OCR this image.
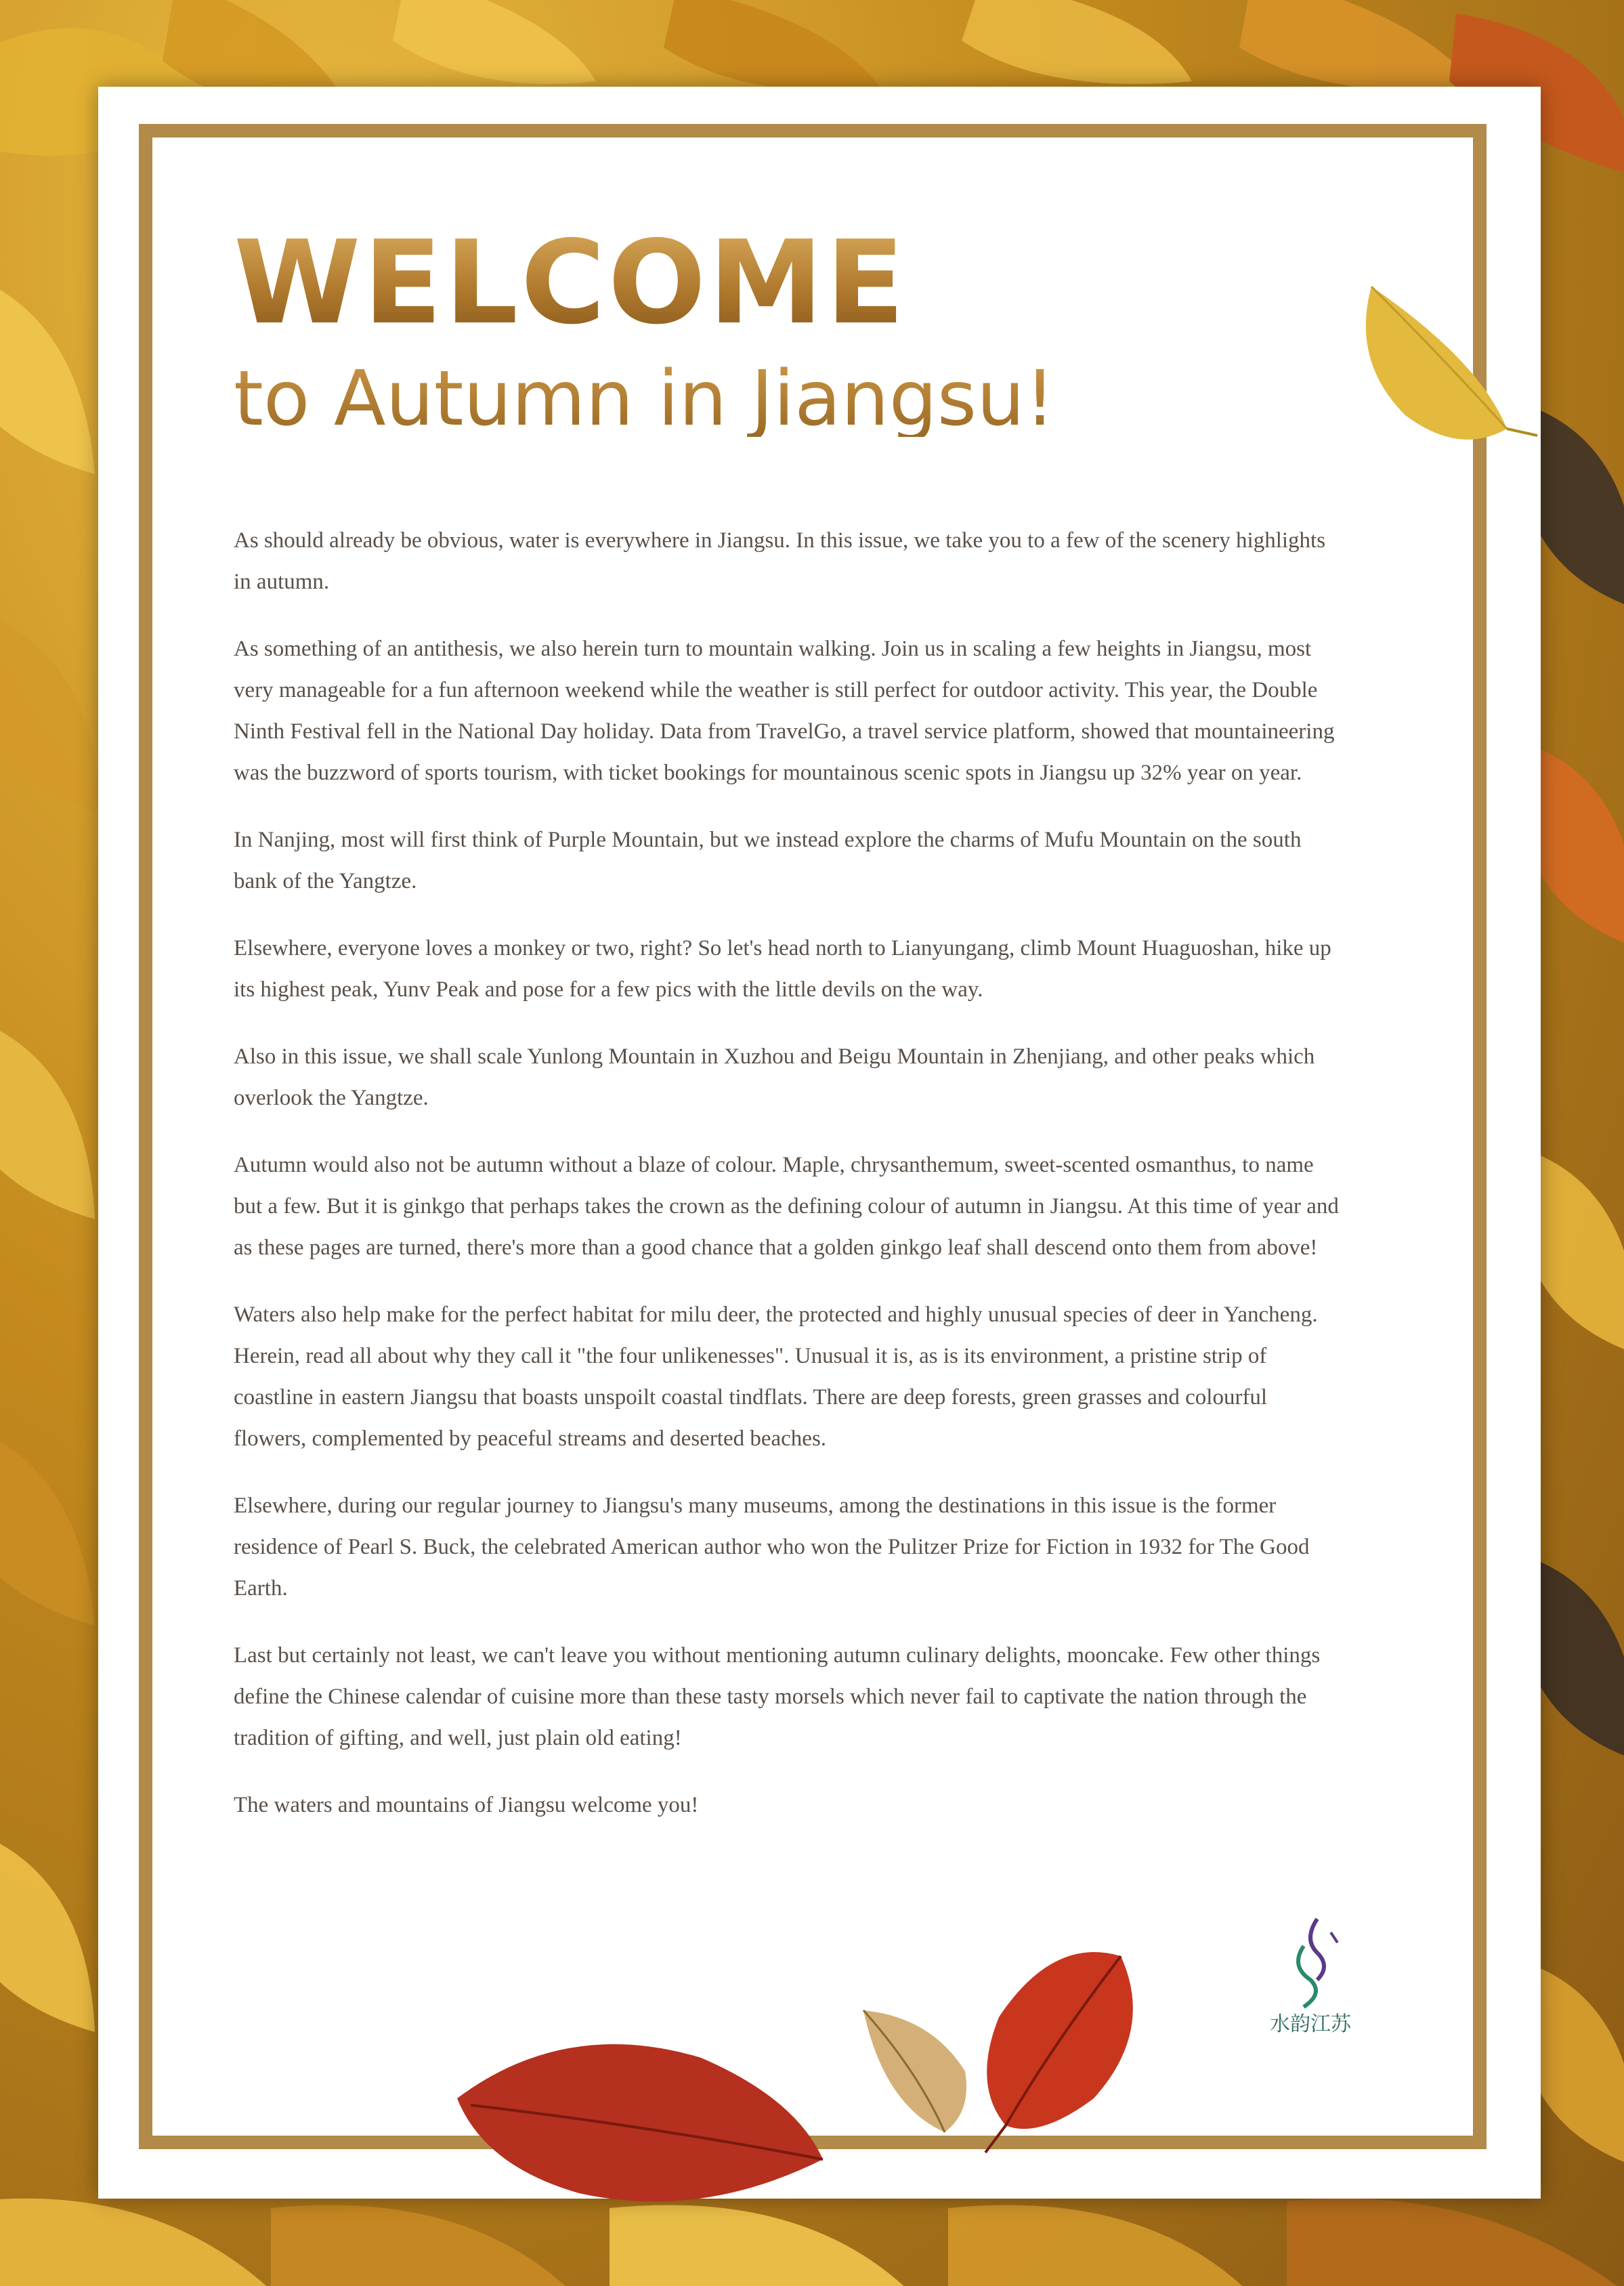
WELCOME
to Autumn in Jiangsu!

As should already be obvious, water is everywhere in Jiangsu. In this issue, we take you to a few of the scenery highlights in autumn.

As something of an antithesis, we also herein turn to mountain walking. Join us in scaling a few heights in Jiangsu, most very manageable for a fun afternoon weekend while the weather is still perfect for outdoor activity. This year, the Double Ninth Festival fell in the National Day holiday. Data from TravelGo, a travel service platform, showed that mountaineering was the buzzword of sports tourism, with ticket bookings for mountainous scenic spots in Jiangsu up 32% year on year.

In Nanjing, most will first think of Purple Mountain, but we instead explore the charms of Mufu Mountain on the south bank of the Yangtze.

Elsewhere, everyone loves a monkey or two, right? So let's head north to Lianyungang, climb Mount Huaguoshan, hike up its highest peak, Yunv Peak and pose for a few pics with the little devils on the way.

Also in this issue, we shall scale Yunlong Mountain in Xuzhou and Beigu Mountain in Zhenjiang, and other peaks which overlook the Yangtze.

Autumn would also not be autumn without a blaze of colour. Maple, chrysanthemum, sweet-scented osmanthus, to name but a few. But it is ginkgo that perhaps takes the crown as the defining colour of autumn in Jiangsu. At this time of year and as these pages are turned, there's more than a good chance that a golden ginkgo leaf shall descend onto them from above!

Waters also help make for the perfect habitat for milu deer, the protected and highly unusual species of deer in Yancheng. Herein, read all about why they call it "the four unlikenesses". Unusual it is, as is its environment, a pristine strip of coastline in eastern Jiangsu that boasts unspoilt coastal tindflats. There are deep forests, green grasses and colourful flowers, complemented by peaceful streams and deserted beaches.

Elsewhere, during our regular journey to Jiangsu's many museums, among the destinations in this issue is the former residence of Pearl S. Buck, the celebrated American author who won the Pulitzer Prize for Fiction in 1932 for The Good Earth.

Last but certainly not least, we can't leave you without mentioning autumn culinary delights, mooncake. Few other things define the Chinese calendar of cuisine more than these tasty morsels which never fail to captivate the nation through the tradition of gifting, and well, just plain old eating!

The waters and mountains of Jiangsu welcome you!

水韵江苏
